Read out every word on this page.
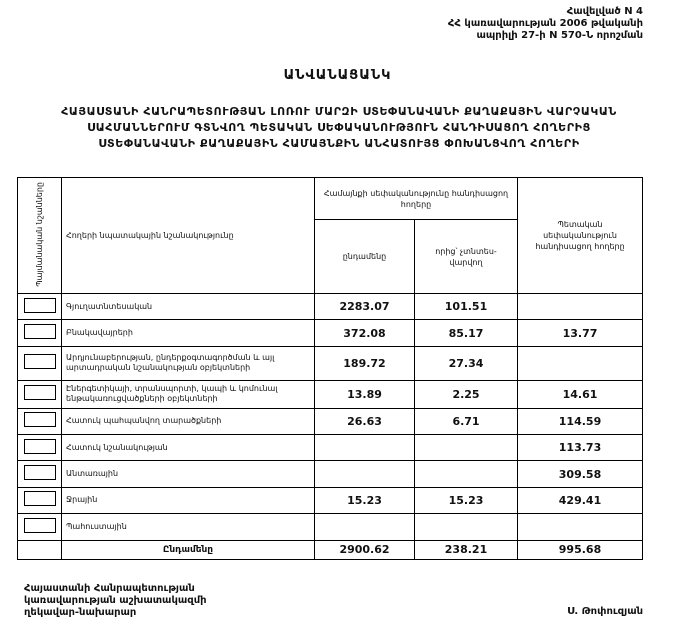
Հավելված N 4
ՀՀ կառավարության 2006 թվականի
ապրիլի 27-ի N 570-Ն որոշման
ԱՆՎԱՆԱՑԱՆԿ
ՀԱՅԱՍՏԱՆԻ ՀԱՆՐԱՊԵՏՈՒԹՅԱՆ ԼՈՌՈՒ ՄԱՐԶԻ ՍՏԵՓԱՆԱՎԱՆԻ ՔԱՂԱՔԱՅԻՆ ՎԱՐՉԱԿԱՆ
ՍԱՀՄԱՆՆԵՐՈՒՄ ԳՏՆՎՈՂ ՊԵՏԱԿԱՆ ՍԵՓԱԿԱՆՈՒԹՅՈՒՆ ՀԱՆԴԻՍԱՑՈՂ ՀՈՂԵՐԻՑ
ՍՏԵՓԱՆԱՎԱՆԻ ՔԱՂԱՔԱՅԻՆ ՀԱՄԱՅՆՔԻՆ ԱՆՀԱՏՈՒՅՑ ՓՈԽԱՆՑՎՈՂ ՀՈՂԵՐԻ
Պայմանական նշանները	Հողերի նպատակային նշանակությունը	Համայնքի սեփականությունը հանդիսացող հողերը		Պետական սեփականություն հանդիսացող հողերը
		ընդամենը	որից՝ չտնտես-վարվող	
	Գյուղատնտեսական	2283.07	101.51	
	Բնակավայրերի	372.08	85.17	13.77
	Արդյունաբերության, ընդերքօգտագործման և այլ արտադրական նշանակության օբյեկտների	189.72	27.34	
	Էներգետիկայի, տրանսպորտի, կապի և կոմունալ ենթակառուցվածքների օբյեկտների	13.89	2.25	14.61
	Հատուկ պահպանվող տարածքների	26.63	6.71	114.59
	Հատուկ նշանակության			113.73
	Անտառային			309.58
	Ջրային	15.23	15.23	429.41
	Պահուստային			
	Ընդամենը	2900.62	238.21	995.68
Հայաստանի Հանրապետության
կառավարության աշխատակազմի
ղեկավար-նախարար	Ս. Թոփուզյան
